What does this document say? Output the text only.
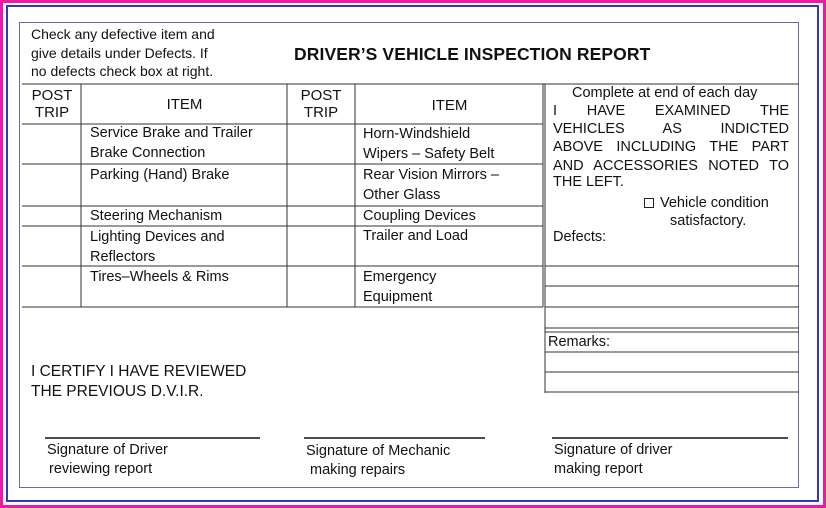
Check any defective item and
give details under Defects. If
no defects check box at right.
DRIVER’S VEHICLE INSPECTION REPORT
POST
TRIP	ITEM
POST
TRIP	ITEM
Service Brake and Trailer
Brake Connection
Parking (Hand) Brake
Steering Mechanism
Lighting Devices and
Reflectors
Tires–Wheels & Rims
Horn-Windshield
Wipers – Safety Belt
Rear Vision Mirrors –
Other Glass
Coupling Devices
Trailer and Load
Emergency
Equipment
Complete at end of each day
I HAVE EXAMINED THE
VEHICLES AS INDICTED
ABOVE INCLUDING THE PART
AND ACCESSORIES NOTED TO
THE LEFT.
Vehicle condition
satisfactory.
Defects:
Remarks:
I CERTIFY I HAVE REVIEWED
THE PREVIOUS D.V.I.R.
Signature of Driver
reviewing report
Signature of Mechanic
making repairs
Signature of driver
making report
